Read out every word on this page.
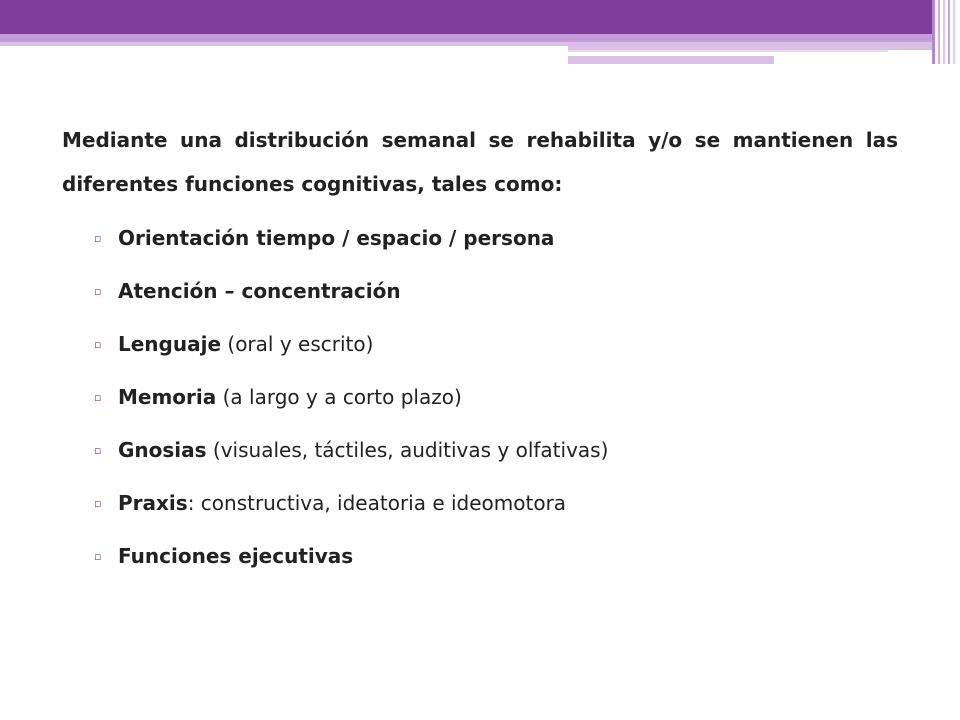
Mediante una distribución semanal se rehabilita y/o se mantienen las diferentes funciones cognitivas, tales como:

▫ Orientación tiempo / espacio / persona
▫ Atención – concentración
▫ Lenguaje (oral y escrito)
▫ Memoria (a largo y a corto plazo)
▫ Gnosias (visuales, táctiles, auditivas y olfativas)
▫ Praxis: constructiva, ideatoria e ideomotora
▫ Funciones ejecutivas
